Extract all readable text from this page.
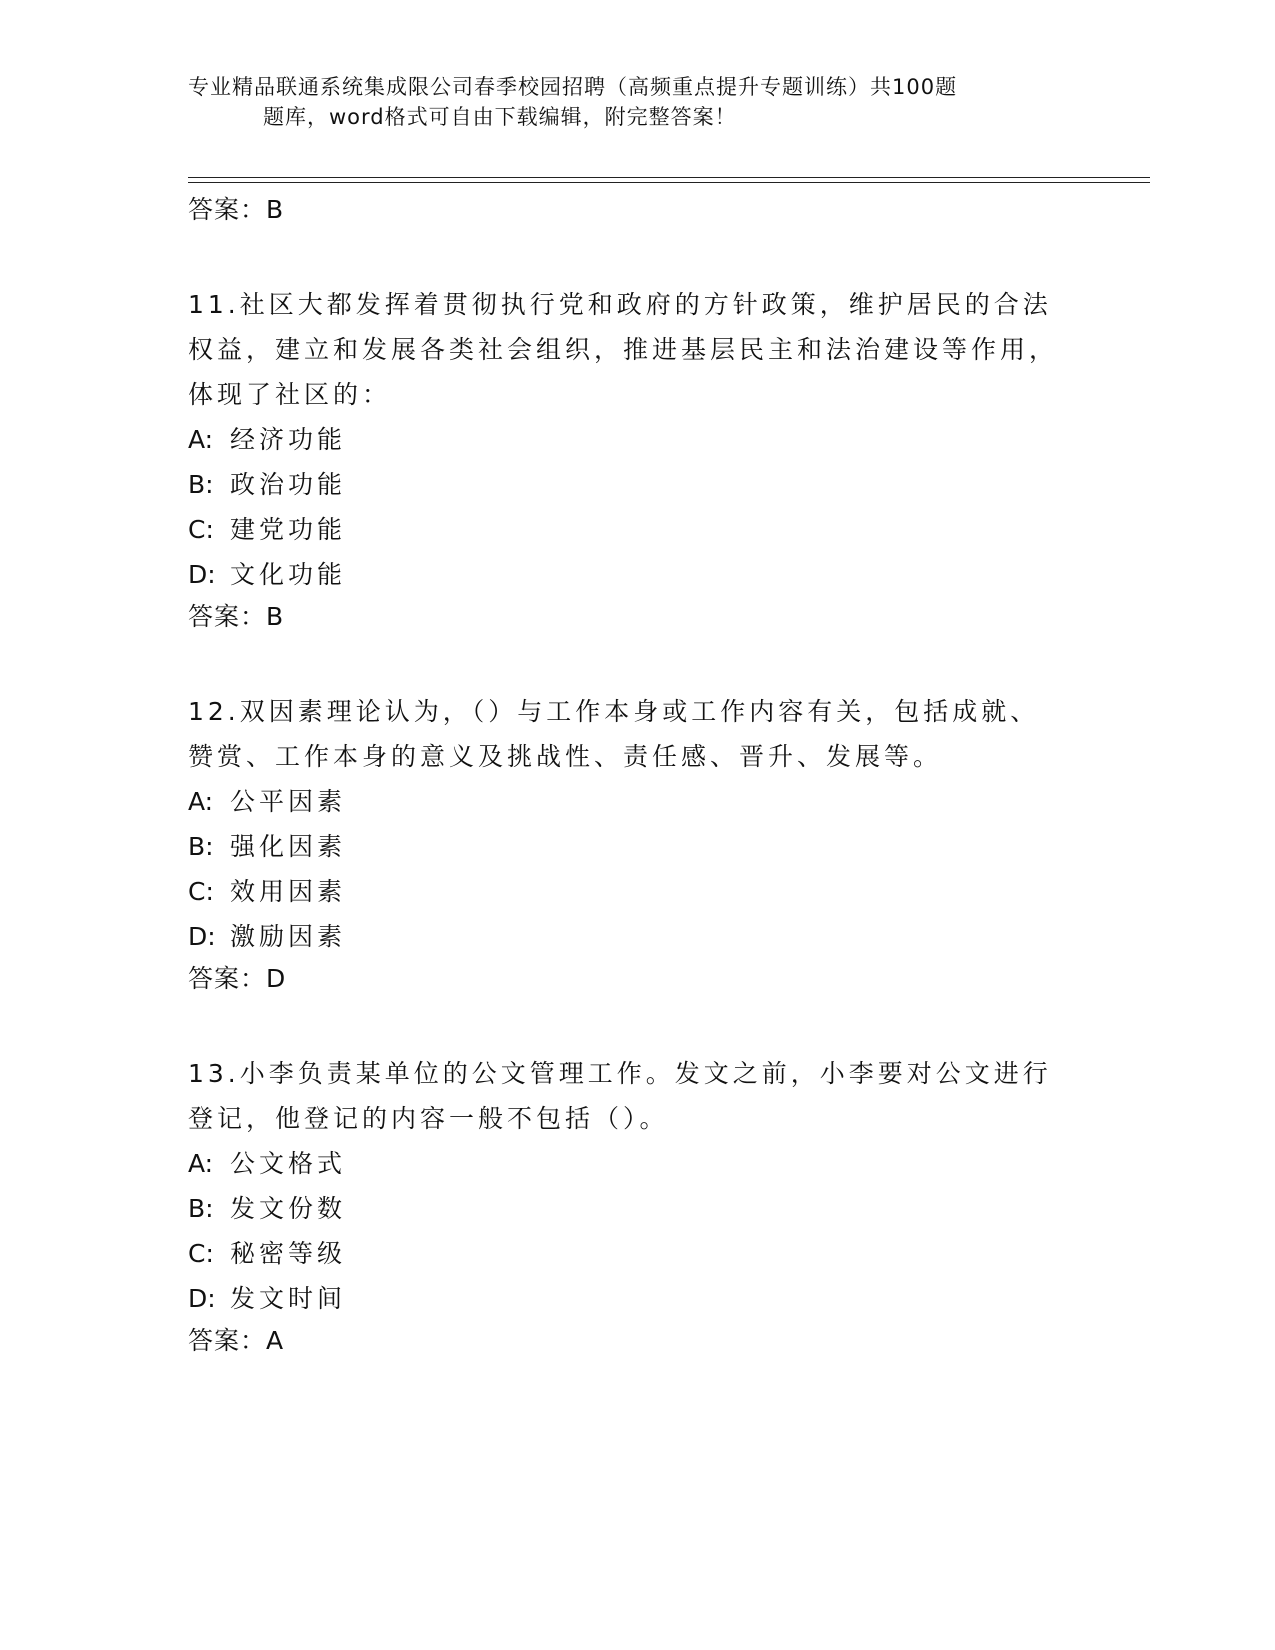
专业精品联通系统集成限公司春季校园招聘（高频重点提升专题训练）共100题
题库，word格式可自由下载编辑，附完整答案！
答案：B
11.社区大都发挥着贯彻执行党和政府的方针政策，维护居民的合法权益，建立和发展各类社会组织，推进基层民主和法治建设等作用，体现了社区的：
A: 经济功能
B: 政治功能
C: 建党功能
D: 文化功能
答案：B
12.双因素理论认为，（）与工作本身或工作内容有关，包括成就、赞赏、工作本身的意义及挑战性、责任感、晋升、发展等。
A: 公平因素
B: 强化因素
C: 效用因素
D: 激励因素
答案：D
13.小李负责某单位的公文管理工作。发文之前，小李要对公文进行登记，他登记的内容一般不包括（）。
A: 公文格式
B: 发文份数
C: 秘密等级
D: 发文时间
答案：A
